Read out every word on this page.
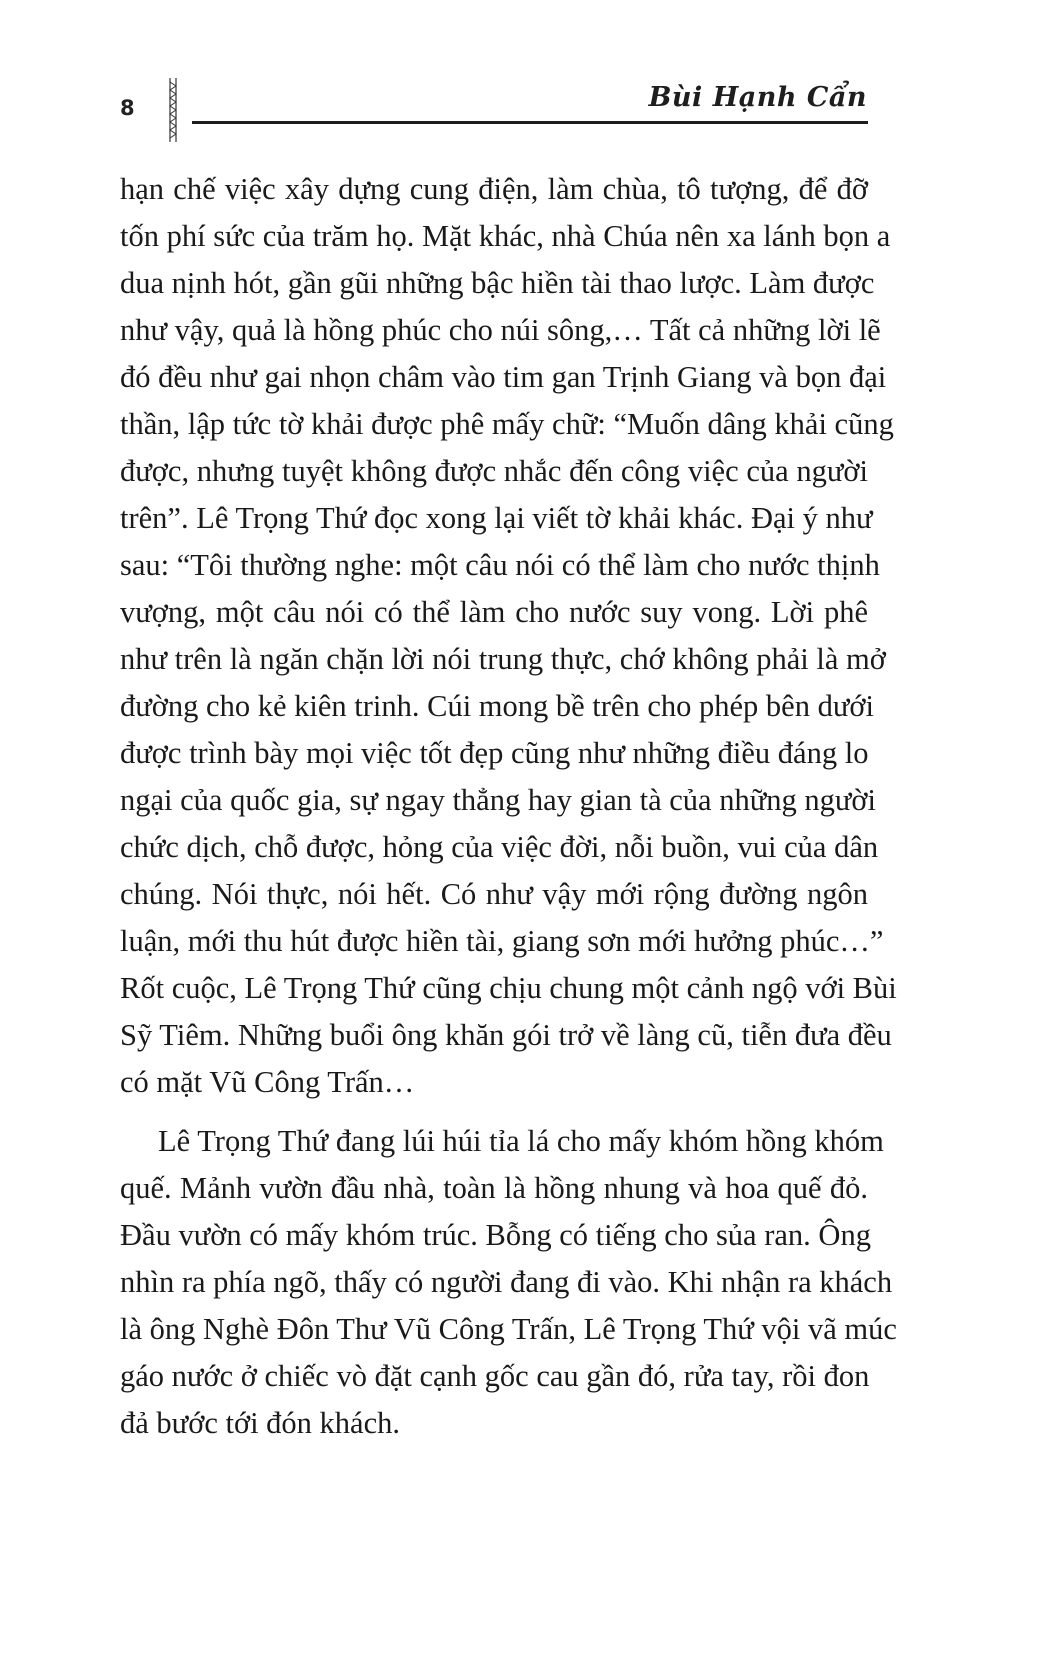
8	Bùi Hạnh Cẩn
hạn chế việc xây dựng cung điện, làm chùa, tô tượng, để đỡ
tốn phí sức của trăm họ. Mặt khác, nhà Chúa nên xa lánh bọn a
dua nịnh hót, gần gũi những bậc hiền tài thao lược. Làm được
như vậy, quả là hồng phúc cho núi sông,… Tất cả những lời lẽ
đó đều như gai nhọn châm vào tim gan Trịnh Giang và bọn đại
thần, lập tức tờ khải được phê mấy chữ: “Muốn dâng khải cũng
được, nhưng tuyệt không được nhắc đến công việc của người
trên”. Lê Trọng Thứ đọc xong lại viết tờ khải khác. Đại ý như
sau: “Tôi thường nghe: một câu nói có thể làm cho nước thịnh
vượng, một câu nói có thể làm cho nước suy vong. Lời phê
như trên là ngăn chặn lời nói trung thực, chớ không phải là mở
đường cho kẻ kiên trinh. Cúi mong bề trên cho phép bên dưới
được trình bày mọi việc tốt đẹp cũng như những điều đáng lo
ngại của quốc gia, sự ngay thẳng hay gian tà của những người
chức dịch, chỗ được, hỏng của việc đời, nỗi buồn, vui của dân
chúng. Nói thực, nói hết. Có như vậy mới rộng đường ngôn
luận, mới thu hút được hiền tài, giang sơn mới hưởng phúc…”
Rốt cuộc, Lê Trọng Thứ cũng chịu chung một cảnh ngộ với Bùi
Sỹ Tiêm. Những buổi ông khăn gói trở về làng cũ, tiễn đưa đều
có mặt Vũ Công Trấn…
Lê Trọng Thứ đang lúi húi tỉa lá cho mấy khóm hồng khóm
quế. Mảnh vườn đầu nhà, toàn là hồng nhung và hoa quế đỏ.
Đầu vườn có mấy khóm trúc. Bỗng có tiếng cho sủa ran. Ông
nhìn ra phía ngõ, thấy có người đang đi vào. Khi nhận ra khách
là ông Nghè Đôn Thư Vũ Công Trấn, Lê Trọng Thứ vội vã múc
gáo nước ở chiếc vò đặt cạnh gốc cau gần đó, rửa tay, rồi đon
đả bước tới đón khách.
